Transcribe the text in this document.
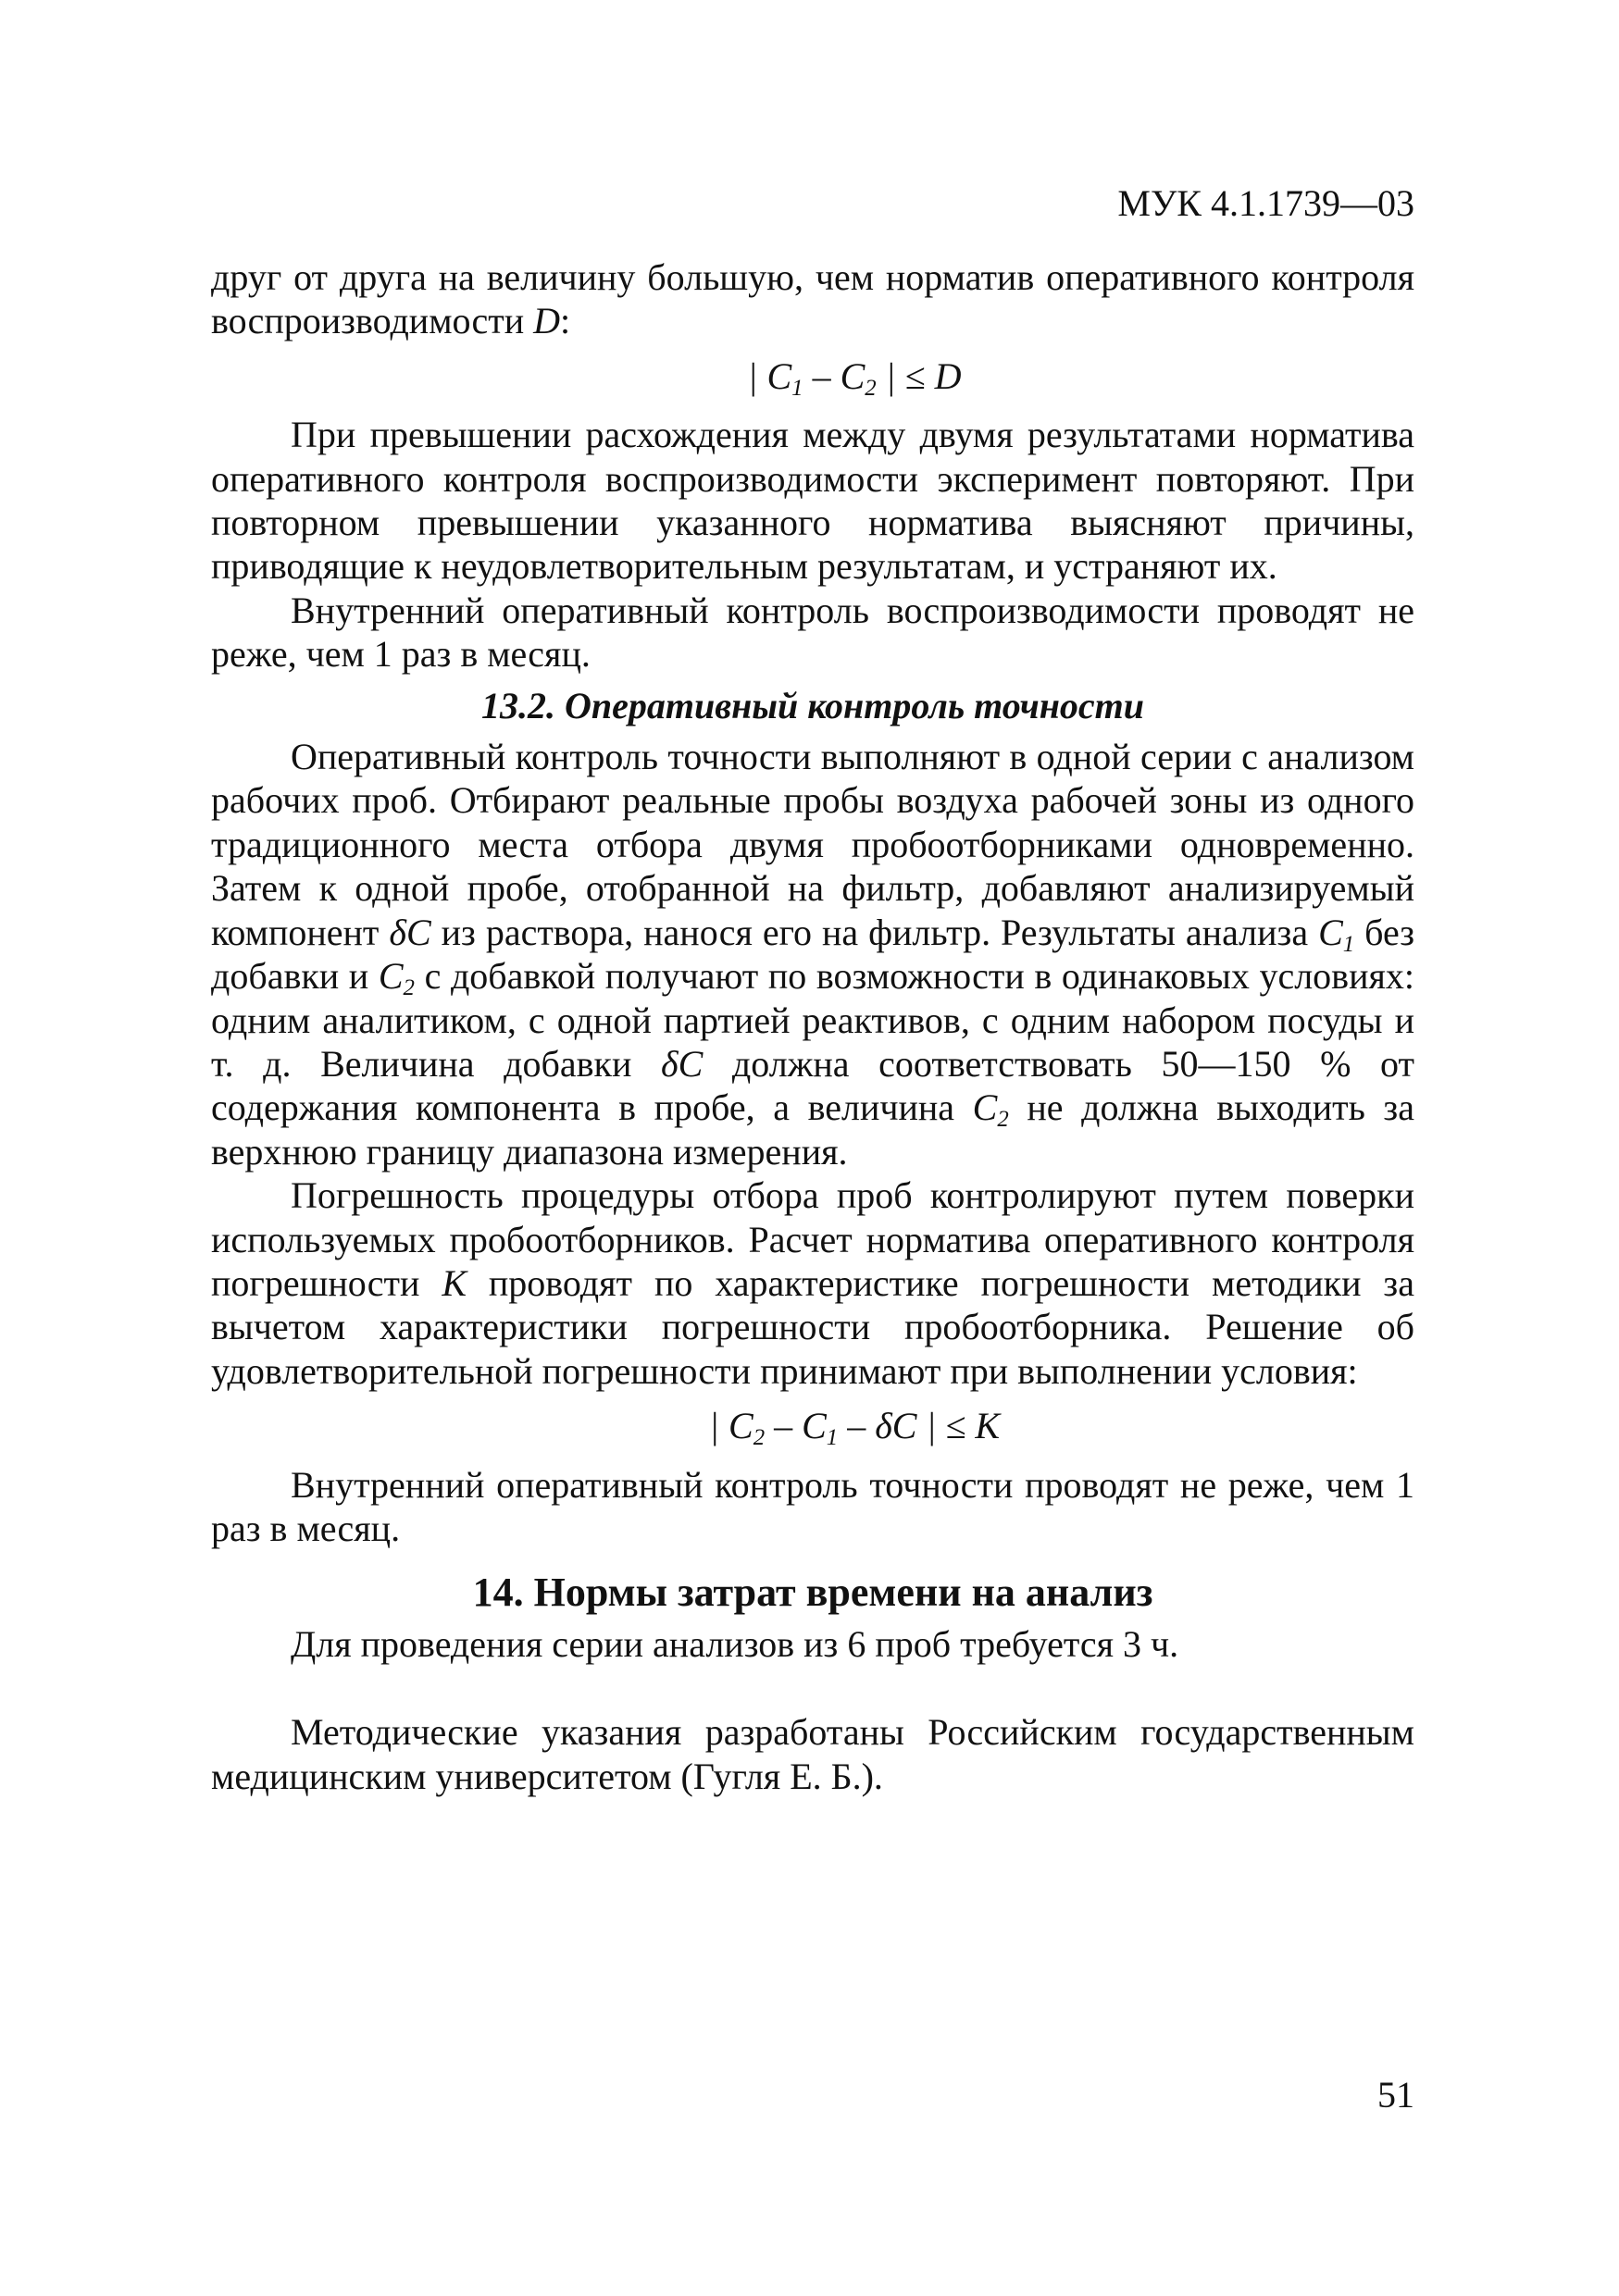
МУК 4.1.1739—03

друг от друга на величину большую, чем норматив оперативного контроля воспроизводимости D:

| $C_1 - C_2$ | ≤ D

При превышении расхождения между двумя результатами норматива оперативного контроля воспроизводимости эксперимент повторяют. При повторном превышении указанного норматива выясняют причины, приводящие к неудовлетворительным результатам, и устраняют их.

Внутренний оперативный контроль воспроизводимости проводят не реже, чем 1 раз в месяц.

13.2. Оперативный контроль точности

Оперативный контроль точности выполняют в одной серии с анализом рабочих проб. Отбирают реальные пробы воздуха рабочей зоны из одного традиционного места отбора двумя пробоотборниками одновременно. Затем к одной пробе, отобранной на фильтр, добавляют анализируемый компонент δC из раствора, нанося его на фильтр. Результаты анализа $C_1$ без добавки и $C_2$ с добавкой получают по возможности в одинаковых условиях: одним аналитиком, с одной партией реактивов, с одним набором посуды и т. д. Величина добавки δC должна соответствовать 50—150 % от содержания компонента в пробе, а величина $C_2$ не должна выходить за верхнюю границу диапазона измерения.

Погрешность процедуры отбора проб контролируют путем поверки используемых пробоотборников. Расчет норматива оперативного контроля погрешности К проводят по характеристике погрешности методики за вычетом характеристики погрешности пробоотборника. Решение об удовлетворительной погрешности принимают при выполнении условия:

| $C_2 - C_1$ – δC | ≤ К

Внутренний оперативный контроль точности проводят не реже, чем 1 раз в месяц.

14. Нормы затрат времени на анализ

Для проведения серии анализов из 6 проб требуется 3 ч.

Методические указания разработаны Российским государственным медицинским университетом (Гугля Е. Б.).

51
